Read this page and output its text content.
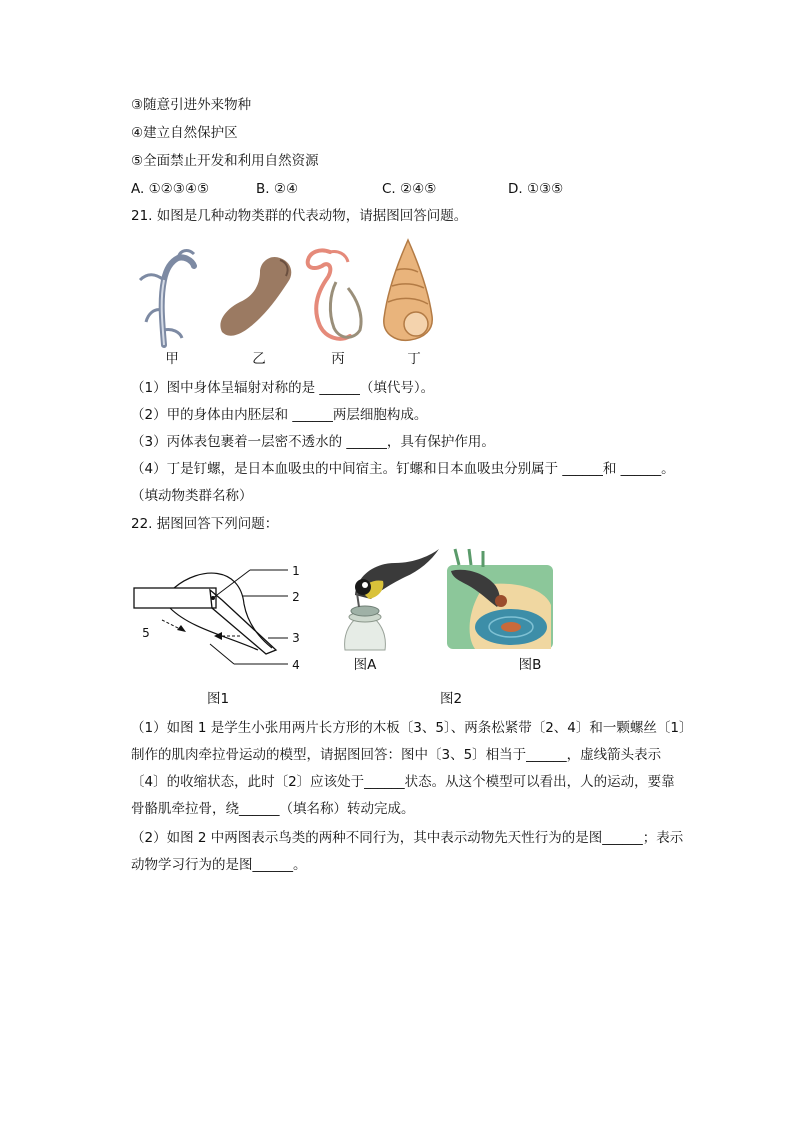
③随意引进外来物种
④建立自然保护区
⑤全面禁止开发和利用自然资源
A. ①②③④⑤	B. ②④	C. ②④⑤	D. ①③⑤
21. 如图是几种动物类群的代表动物，请据图回答问题。
甲	乙	丙	丁
（1）图中身体呈辐射对称的是 ______（填代号）。
（2）甲的身体由内胚层和 ______两层细胞构成。
（3）丙体表包裹着一层密不透水的 ______，具有保护作用。
（4）丁是钉螺，是日本血吸虫的中间宿主。钉螺和日本血吸虫分别属于 ______和 ______。
（填动物类群名称）
22. 据图回答下列问题：
1
2
3
4
5
图A	图B
图1	图2
（1）如图 1 是学生小张用两片长方形的木板〔3、5〕、两条松紧带〔2、4〕和一颗螺丝〔1〕
制作的肌肉牵拉骨运动的模型，请据图回答：图中〔3、5〕相当于______，虚线箭头表示
〔4〕的收缩状态，此时〔2〕应该处于______状态。从这个模型可以看出，人的运动，要靠
骨骼肌牵拉骨，绕______（填名称）转动完成。
（2）如图 2 中两图表示鸟类的两种不同行为，其中表示动物先天性行为的是图______；表示
动物学习行为的是图______。
